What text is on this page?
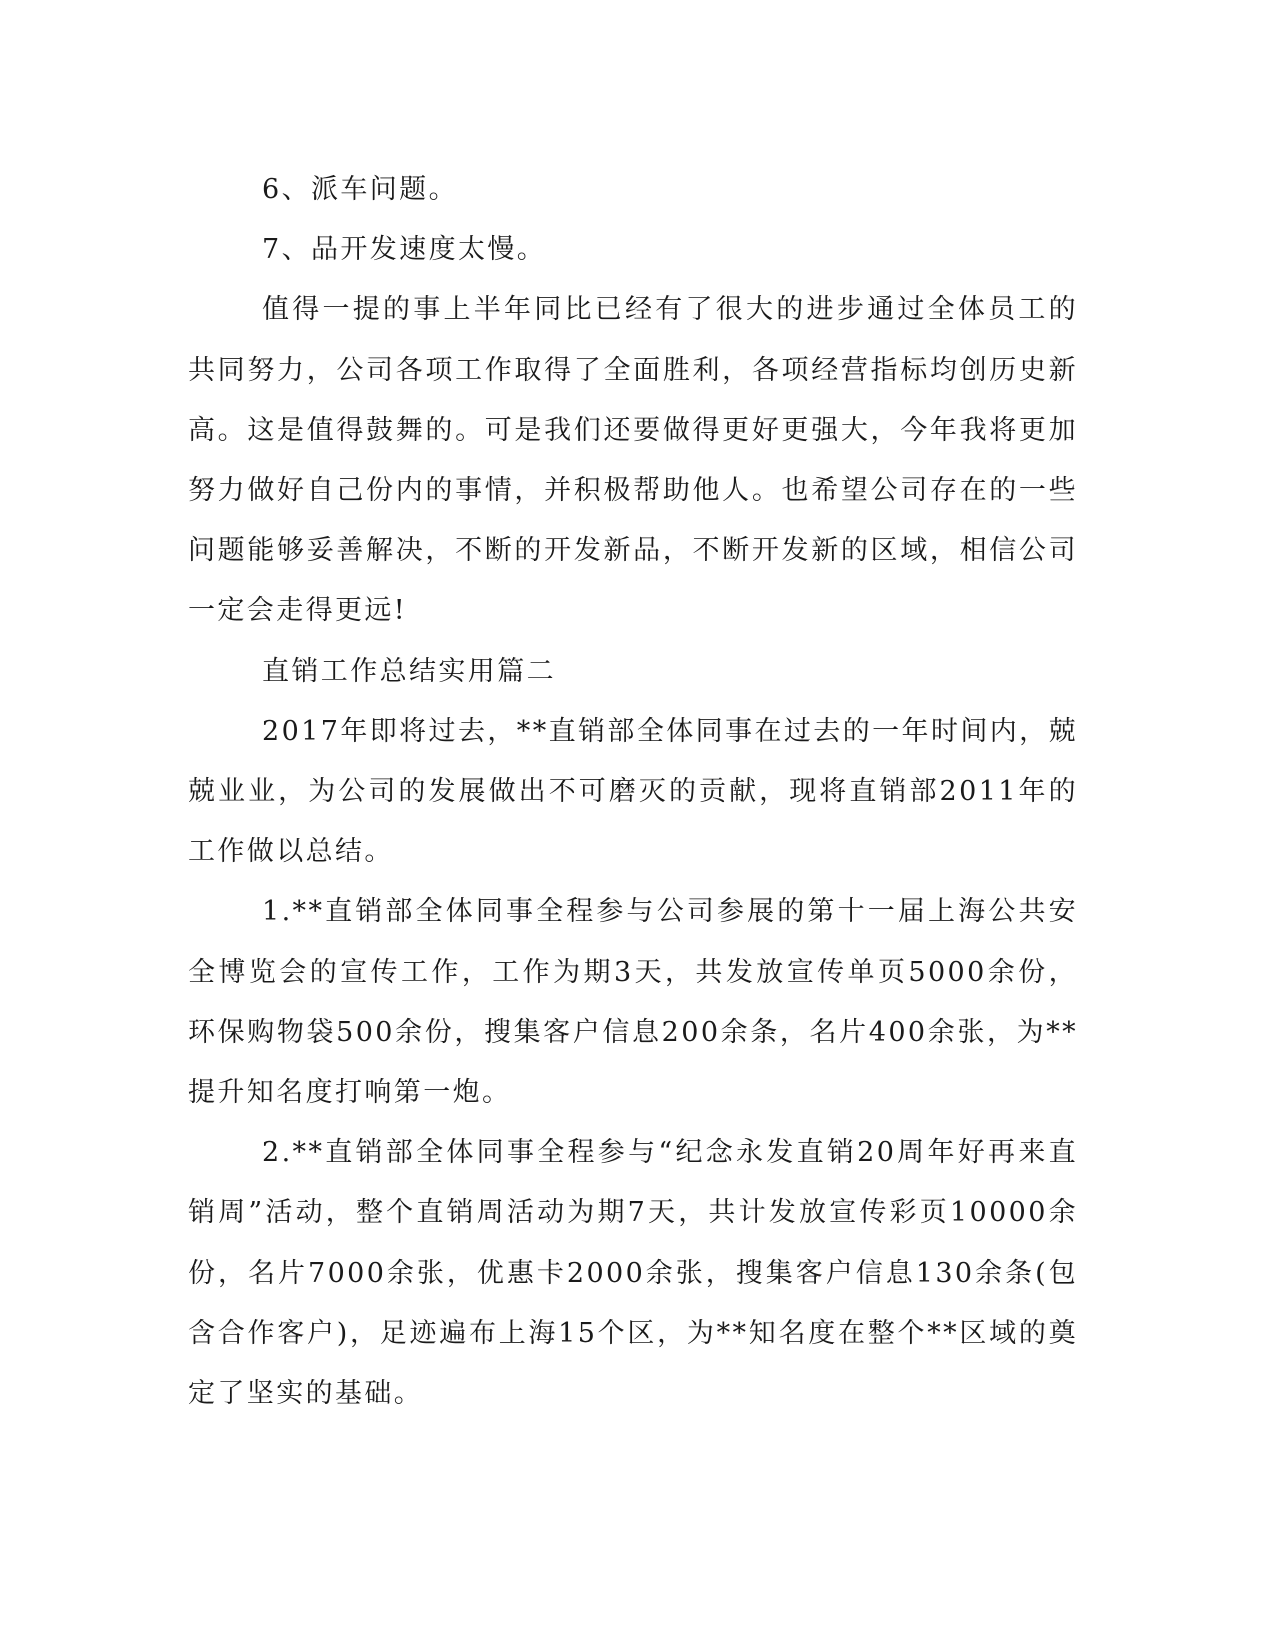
6、派车问题。

7、品开发速度太慢。

值得一提的事上半年同比已经有了很大的进步通过全体员工的共同努力，公司各项工作取得了全面胜利，各项经营指标均创历史新高。这是值得鼓舞的。可是我们还要做得更好更强大，今年我将更加努力做好自己份内的事情，并积极帮助他人。也希望公司存在的一些问题能够妥善解决，不断的开发新品，不断开发新的区域，相信公司一定会走得更远!

直销工作总结实用篇二

2017年即将过去，**直销部全体同事在过去的一年时间内，兢兢业业，为公司的发展做出不可磨灭的贡献，现将直销部2011年的工作做以总结。

1.**直销部全体同事全程参与公司参展的第十一届上海公共安全博览会的宣传工作，工作为期3天，共发放宣传单页5000余份，环保购物袋500余份，搜集客户信息200余条，名片400余张，为**提升知名度打响第一炮。

2.**直销部全体同事全程参与“纪念永发直销20周年好再来直销周”活动，整个直销周活动为期7天，共计发放宣传彩页10000余份，名片7000余张，优惠卡2000余张，搜集客户信息130余条(包含合作客户)，足迹遍布上海15个区，为**知名度在整个**区域的奠定了坚实的基础。
